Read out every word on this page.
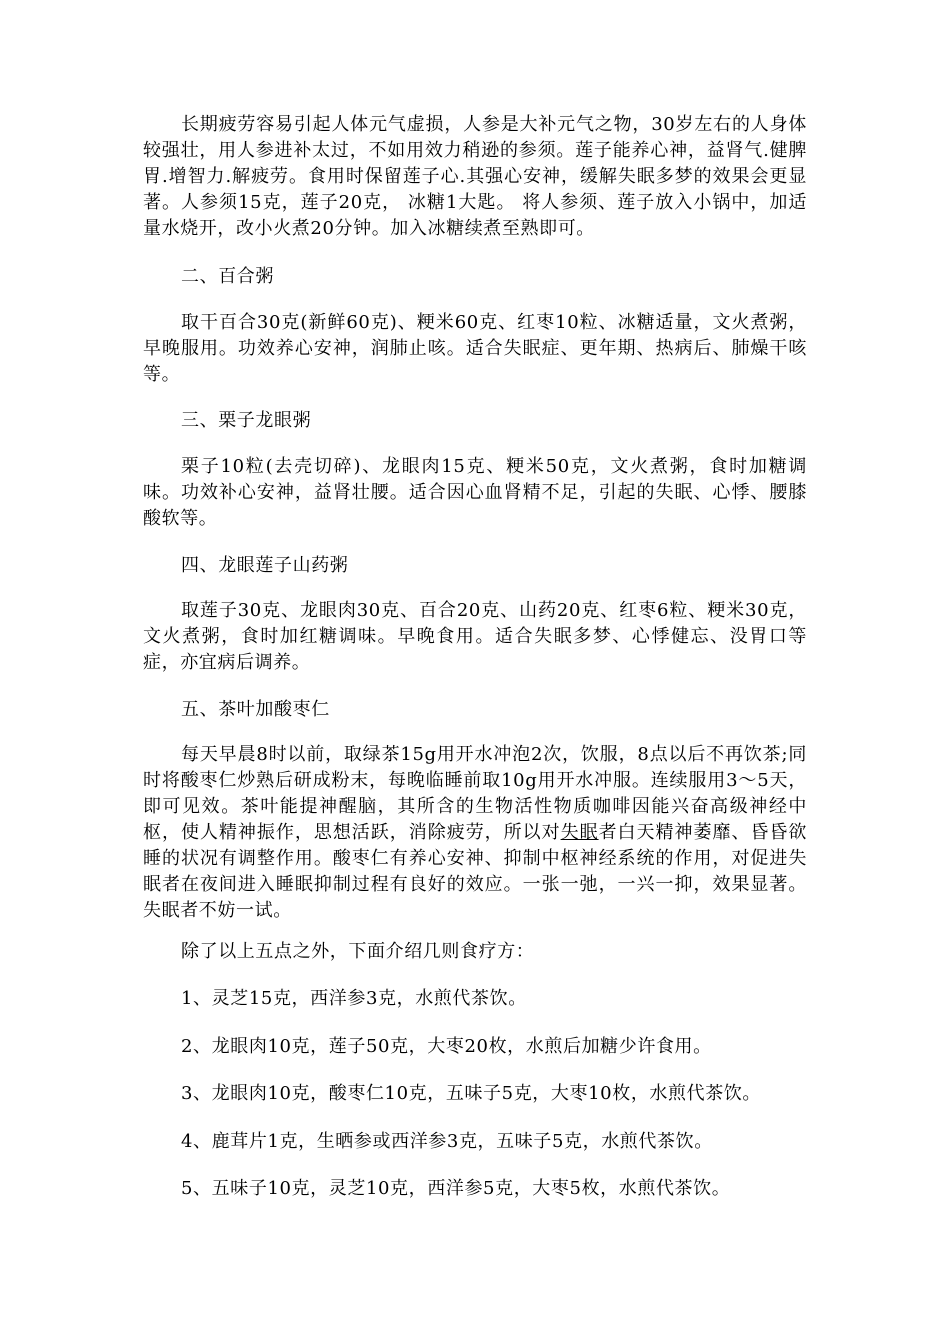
长期疲劳容易引起人体元气虚损，人参是大补元气之物，30岁左右的人身体较强壮，用人参进补太过，不如用效力稍逊的参须。莲子能养心神，益肾气.健脾胃.增智力.解疲劳。食用时保留莲子心.其强心安神，缓解失眠多梦的效果会更显著。人参须15克，莲子20克， 冰糖1大匙。 将人参须、莲子放入小锅中，加适量水烧开，改小火煮20分钟。加入冰糖续煮至熟即可。

二、百合粥

取干百合30克(新鲜60克)、粳米60克、红枣10粒、冰糖适量，文火煮粥，早晚服用。功效养心安神，润肺止咳。适合失眠症、更年期、热病后、肺燥干咳等。

三、栗子龙眼粥

栗子10粒(去壳切碎)、龙眼肉15克、粳米50克，文火煮粥，食时加糖调味。功效补心安神，益肾壮腰。适合因心血肾精不足，引起的失眠、心悸、腰膝酸软等。

四、龙眼莲子山药粥

取莲子30克、龙眼肉30克、百合20克、山药20克、红枣6粒、粳米30克，文火煮粥，食时加红糖调味。早晚食用。适合失眠多梦、心悸健忘、没胃口等症，亦宜病后调养。

五、茶叶加酸枣仁

每天早晨8时以前，取绿茶15g用开水冲泡2次，饮服，8点以后不再饮茶;同时将酸枣仁炒熟后研成粉末，每晚临睡前取10g用开水冲服。连续服用3～5天，即可见效。茶叶能提神醒脑，其所含的生物活性物质咖啡因能兴奋高级神经中枢，使人精神振作，思想活跃，消除疲劳，所以对失眠者白天精神萎靡、昏昏欲睡的状况有调整作用。酸枣仁有养心安神、抑制中枢神经系统的作用，对促进失眠者在夜间进入睡眠抑制过程有良好的效应。一张一弛，一兴一抑，效果显著。失眠者不妨一试。

除了以上五点之外，下面介绍几则食疗方：

1、灵芝15克，西洋参3克，水煎代茶饮。

2、龙眼肉10克，莲子50克，大枣20枚，水煎后加糖少许食用。

3、龙眼肉10克，酸枣仁10克，五味子5克，大枣10枚，水煎代茶饮。

4、鹿茸片1克，生晒参或西洋参3克，五味子5克，水煎代茶饮。

5、五味子10克，灵芝10克，西洋参5克，大枣5枚，水煎代茶饮。
